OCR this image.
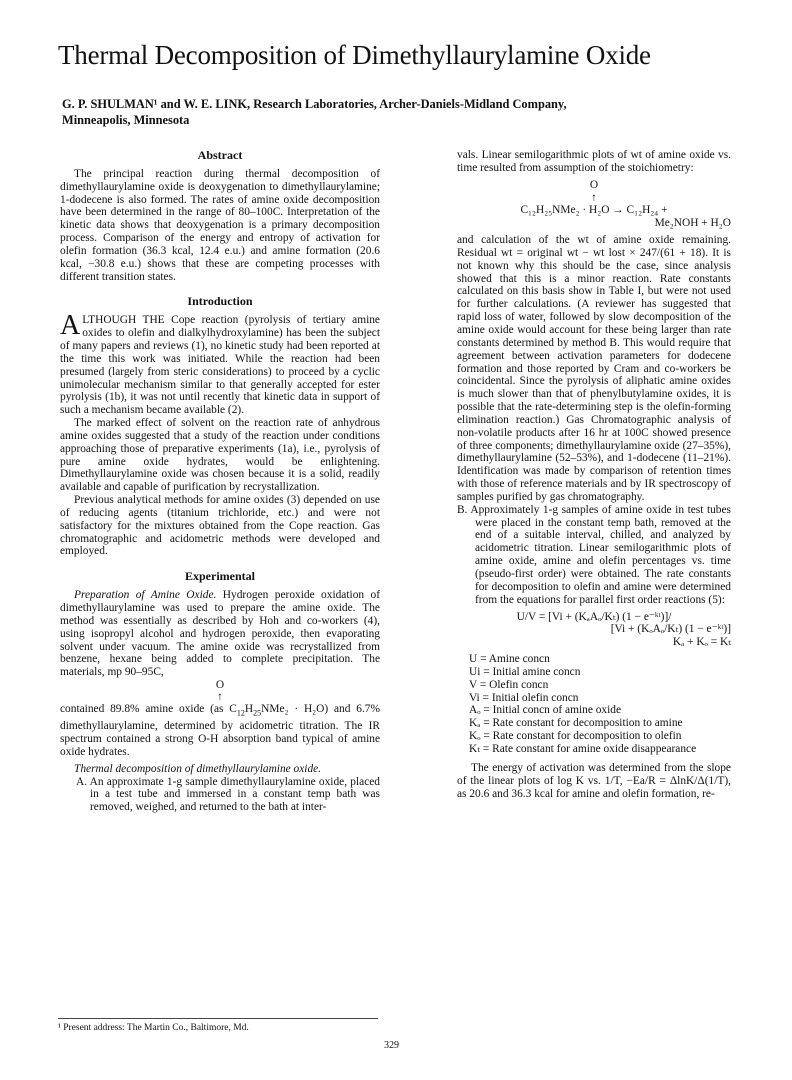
Thermal Decomposition of Dimethyllaurylamine Oxide
G. P. SHULMAN¹ and W. E. LINK, Research Laboratories, Archer-Daniels-Midland Company,
Minneapolis, Minnesota
Abstract

The principal reaction during thermal decomposition of dimethyllaurylamine oxide is deoxygenation to dimethyllaurylamine; 1-dodecene is also formed. The rates of amine oxide decomposition have been determined in the range of 80–100C. Interpretation of the kinetic data shows that deoxygenation is a primary decomposition process. Comparison of the energy and entropy of activation for olefin formation (36.3 kcal, 12.4 e.u.) and amine formation (20.6 kcal, −30.8 e.u.) shows that these are competing processes with different transition states.

Introduction

ALTHOUGH THE Cope reaction (pyrolysis of tertiary amine oxides to olefin and dialkylhydroxylamine) has been the subject of many papers and reviews (1), no kinetic study had been reported at the time this work was initiated. While the reaction had been presumed (largely from steric considerations) to proceed by a cyclic unimolecular mechanism similar to that generally accepted for ester pyrolysis (1b), it was not until recently that kinetic data in support of such a mechanism became available (2).

The marked effect of solvent on the reaction rate of anhydrous amine oxides suggested that a study of the reaction under conditions approaching those of preparative experiments (1a), i.e., pyrolysis of pure amine oxide hydrates, would be enlightening. Dimethyllaurylamine oxide was chosen because it is a solid, readily available and capable of purification by recrystallization.

Previous analytical methods for amine oxides (3) depended on use of reducing agents (titanium trichloride, etc.) and were not satisfactory for the mixtures obtained from the Cope reaction. Gas chromatographic and acidometric methods were developed and employed.

Experimental

Preparation of Amine Oxide. Hydrogen peroxide oxidation of dimethyllaurylamine was used to prepare the amine oxide. The method was essentially as described by Hoh and co-workers (4), using isopropyl alcohol and hydrogen peroxide, then evaporating solvent under vacuum. The amine oxide was recrystallized from benzene, hexane being added to complete precipitation. The materials, mp 90–95C,

O
↑

contained 89.8% amine oxide (as $C_{12}H_{25}NMe_2 \cdot H_2O$) and 6.7% dimethyllaurylamine, determined by acidometric titration. The IR spectrum contained a strong O-H absorption band typical of amine oxide hydrates.

Thermal decomposition of dimethyllaurylamine oxide.

A. An approximate 1-g sample dimethyllaurylamine oxide, placed in a test tube and immersed in a constant temp bath was removed, weighed, and returned to the bath at inter-

vals. Linear semilogarithmic plots of wt of amine oxide vs. time resulted from assumption of the stoichiometry:

O
↑
C₁₂H₂₅NMe₂ · H₂O → C₁₂H₂₄ +
Me₂NOH + H₂O

and calculation of the wt of amine oxide remaining. Residual wt = original wt − wt lost × 247/(61 + 18). It is not known why this should be the case, since analysis showed that this is a minor reaction. Rate constants calculated on this basis show in Table I, but were not used for further calculations. (A reviewer has suggested that rapid loss of water, followed by slow decomposition of the amine oxide would account for these being larger than rate constants determined by method B. This would require that agreement between activation parameters for dodecene formation and those reported by Cram and co-workers be coincidental. Since the pyrolysis of aliphatic amine oxides is much slower than that of phenylbutylamine oxides, it is possible that the rate-determining step is the olefin-forming elimination reaction.) Gas Chromatographic analysis of non-volatile products after 16 hr at 100C showed presence of three components; dimethyllaurylamine oxide (27–35%), dimethyllaurylamine (52–53%), and 1-dodecene (11–21%). Identification was made by comparison of retention times with those of reference materials and by IR spectroscopy of samples purified by gas chromatography.

B. Approximately 1-g samples of amine oxide in test tubes were placed in the constant temp bath, removed at the end of a suitable interval, chilled, and analyzed by acidometric titration. Linear semilogarithmic plots of amine oxide, amine and olefin percentages vs. time (pseudo-first order) were obtained. The rate constants for decomposition to olefin and amine were determined from the equations for parallel first order reactions (5):

U/V = [Vi + (KₐAₒ/Kₜ) (1 − e⁻ᵏᵗ)]/
[Vi + (KₒAₒ/Kₜ) (1 − e⁻ᵏᵗ)]
Kₐ + Kₒ = Kₜ
U = Amine concn
Ui = Initial amine concn
V = Olefin concn
Vi = Initial olefin concn
Aₒ = Initial concn of amine oxide
Kₐ = Rate constant for decomposition to amine
Kₒ = Rate constant for decomposition to olefin
Kₜ = Rate constant for amine oxide disappearance

The energy of activation was determined from the slope of the linear plots of log K vs. 1/T, −Ea/R = ΔlnK/Δ(1/T), as 20.6 and 36.3 kcal for amine and olefin formation, re-

¹ Present address: The Martin Co., Baltimore, Md.
329
